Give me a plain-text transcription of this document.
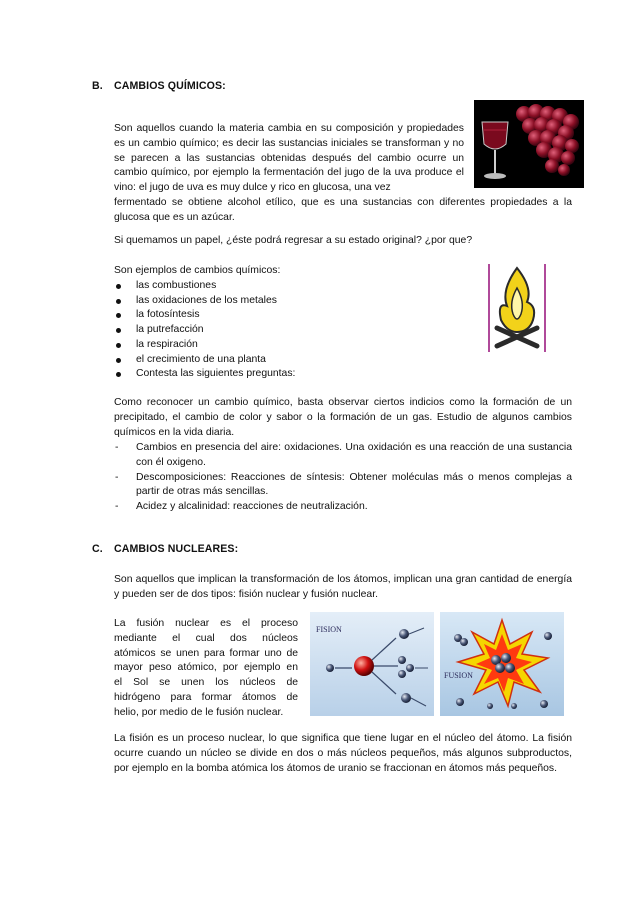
B. CAMBIOS QUÍMICOS:

Son aquellos cuando la materia cambia en su composición y propiedades es un cambio químico; es decir las sustancias iniciales se transforman y no se parecen a las sustancias obtenidas después del cambio ocurre un cambio químico, por ejemplo la fermentación del jugo de la uva produce el vino: el jugo de uva es muy dulce y rico en glucosa, una vez

fermentado se obtiene alcohol etílico, que es una sustancias con diferentes propiedades a la glucosa que es un azúcar.

Si quemamos un papel, ¿éste podrá regresar a su estado original? ¿por que?
Son ejemplos de cambios químicos:
las combustiones
las oxidaciones de los metales
la fotosíntesis
la putrefacción
la respiración
el crecimiento de una planta
Contesta las siguientes preguntas:

Como reconocer un cambio químico, basta observar ciertos indicios como la formación de un precipitado, el cambio de color y sabor o la formación de un gas. Estudio de algunos cambios químicos en la vida diaria.

- Cambios en presencia del aire: oxidaciones. Una oxidación es una reacción de una sustancia con él oxigeno.
- Descomposiciones: Reacciones de síntesis: Obtener moléculas más o menos complejas a partir de otras más sencillas.
- Acidez y alcalinidad: reacciones de neutralización.
C. CAMBIOS NUCLEARES:

Son aquellos que implican la transformación de los átomos, implican una gran cantidad de energía y pueden ser de dos tipos: fisión nuclear y fusión nuclear.

La fusión nuclear es el proceso
mediante el cual dos núcleos
atómicos se unen para formar uno de
mayor peso atómico, por ejemplo en
el Sol se unen los núcleos de
hidrógeno para formar átomos de
helio, por medio de le fusión nuclear.
FISION
FUSION

La fisión es un proceso nuclear, lo que significa que tiene lugar en el núcleo del átomo. La fisión ocurre cuando un núcleo se divide en dos o más núcleos pequeños, más algunos subproductos, por ejemplo en la bomba atómica los átomos de uranio se fraccionan en átomos más pequeños.
